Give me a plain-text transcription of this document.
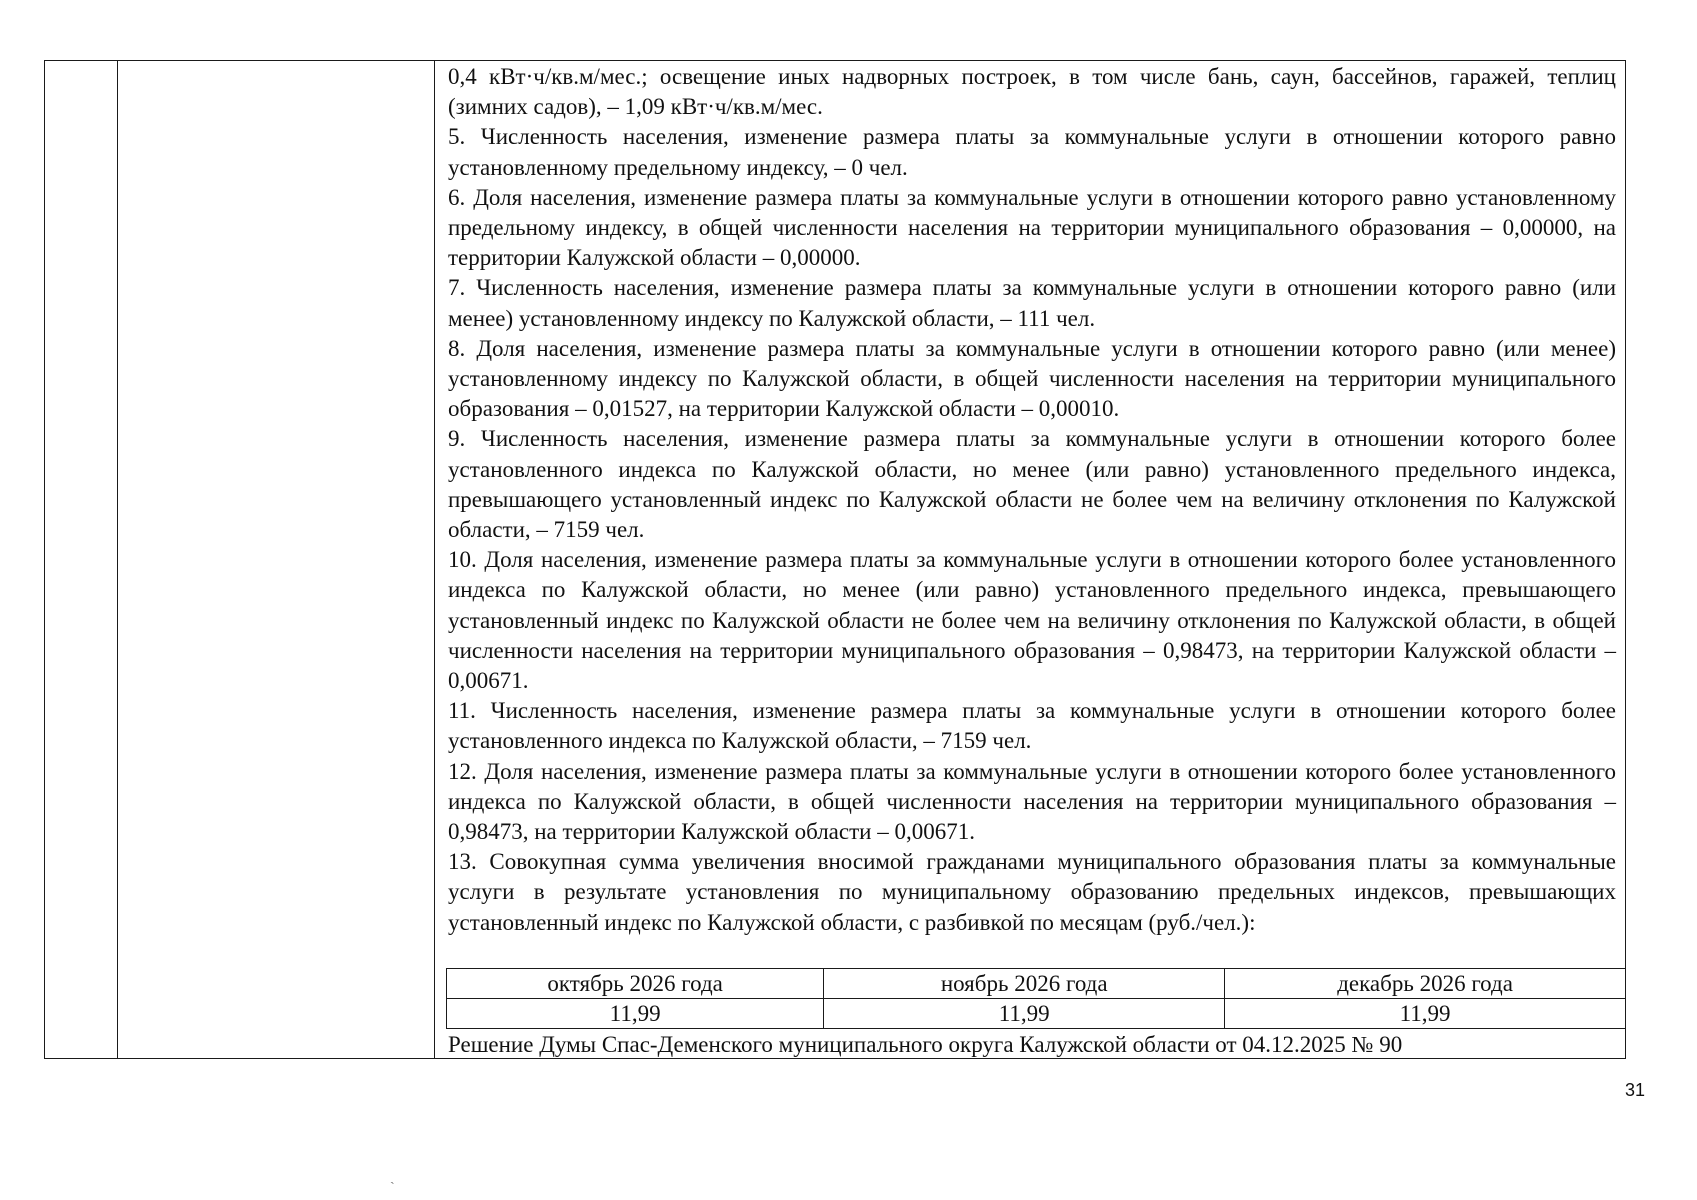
0,4 кВт·ч/кв.м/мес.; освещение иных надворных построек, в том числе бань, саун, бассейнов, гаражей, теплиц (зимних садов), – 1,09 кВт·ч/кв.м/мес.

5. Численность населения, изменение размера платы за коммунальные услуги в отношении которого равно установленному предельному индексу, – 0 чел.

6. Доля населения, изменение размера платы за коммунальные услуги в отношении которого равно установленному предельному индексу, в общей численности населения на территории муниципального образования – 0,00000, на территории Калужской области – 0,00000.

7. Численность населения, изменение размера платы за коммунальные услуги в отношении которого равно (или менее) установленному индексу по Калужской области, – 111 чел.

8. Доля населения, изменение размера платы за коммунальные услуги в отношении которого равно (или менее) установленному индексу по Калужской области, в общей численности населения на территории муниципального образования – 0,01527, на территории Калужской области – 0,00010.

9. Численность населения, изменение размера платы за коммунальные услуги в отношении которого более установленного индекса по Калужской области, но менее (или равно) установленного предельного индекса, превышающего установленный индекс по Калужской области не более чем на величину отклонения по Калужской области, – 7159 чел.

10. Доля населения, изменение размера платы за коммунальные услуги в отношении которого более установленного индекса по Калужской области, но менее (или равно) установленного предельного индекса, превышающего установленный индекс по Калужской области не более чем на величину отклонения по Калужской области, в общей численности населения на территории муниципального образования – 0,98473, на территории Калужской области – 0,00671.

11. Численность населения, изменение размера платы за коммунальные услуги в отношении которого более установленного индекса по Калужской области, – 7159 чел.

12. Доля населения, изменение размера платы за коммунальные услуги в отношении которого более установленного индекса по Калужской области, в общей численности населения на территории муниципального образования – 0,98473, на территории Калужской области – 0,00671.

13. Совокупная сумма увеличения вносимой гражданами муниципального образования платы за коммунальные услуги в результате установления по муниципальному образованию предельных индексов, превышающих установленный индекс по Калужской области, с разбивкой по месяцам (руб./чел.):

октябрь 2026 года	ноябрь 2026 года	декабрь 2026 года
11,99	11,99	11,99
Решение Думы Спас-Деменского муниципального округа Калужской области от 04.12.2025 № 90
31
ˎ
